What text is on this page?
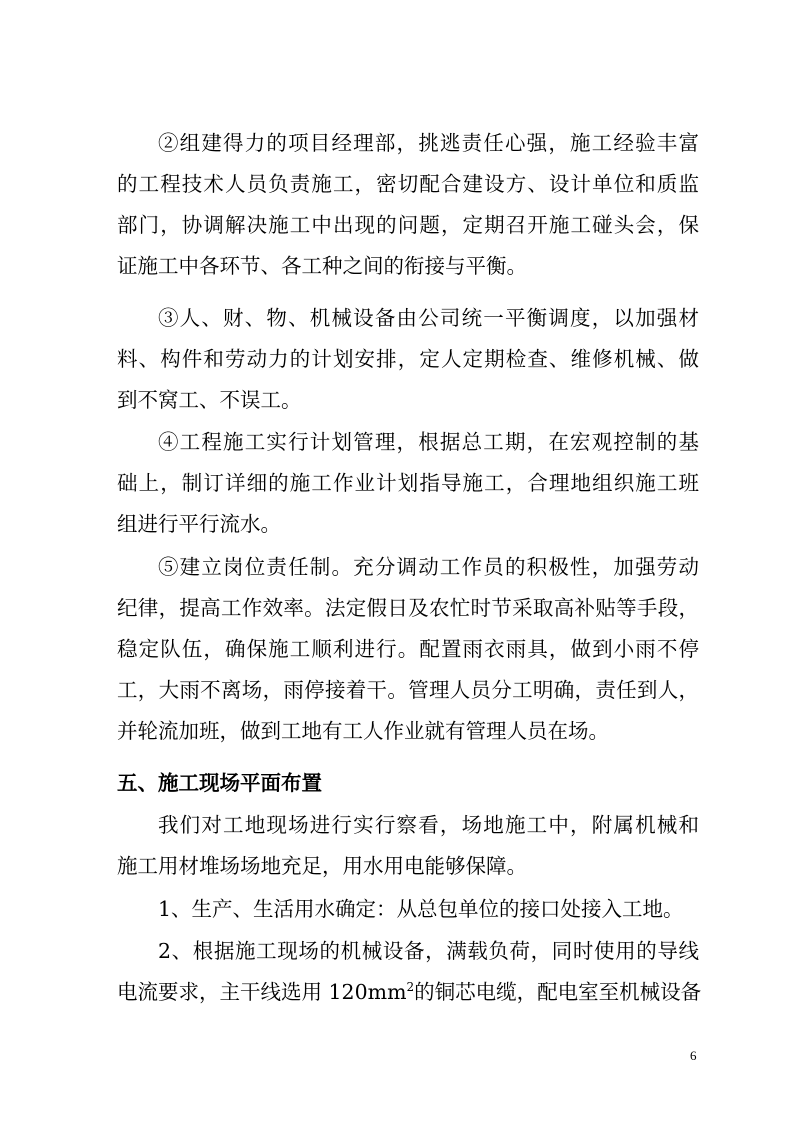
②组建得力的项目经理部，挑逃责任心强，施工经验丰富
的工程技术人员负责施工，密切配合建设方、设计单位和质监
部门，协调解决施工中出现的问题，定期召开施工碰头会，保
证施工中各环节、各工种之间的衔接与平衡。
③人、财、物、机械设备由公司统一平衡调度，以加强材
料、构件和劳动力的计划安排，定人定期检查、维修机械、做
到不窝工、不误工。
④工程施工实行计划管理，根据总工期，在宏观控制的基
础上，制订详细的施工作业计划指导施工，合理地组织施工班
组进行平行流水。
⑤建立岗位责任制。充分调动工作员的积极性，加强劳动
纪律，提高工作效率。法定假日及农忙时节采取高补贴等手段，
稳定队伍，确保施工顺利进行。配置雨衣雨具，做到小雨不停
工，大雨不离场，雨停接着干。管理人员分工明确，责任到人，
并轮流加班，做到工地有工人作业就有管理人员在场。
五、施工现场平面布置
我们对工地现场进行实行察看，场地施工中，附属机械和
施工用材堆场场地充足，用水用电能够保障。
1、生产、生活用水确定：从总包单位的接口处接入工地。
2、根据施工现场的机械设备，满载负荷，同时使用的导线
电流要求，主干线选用 $120mm^2$的铜芯电缆，配电室至机械设备
6
